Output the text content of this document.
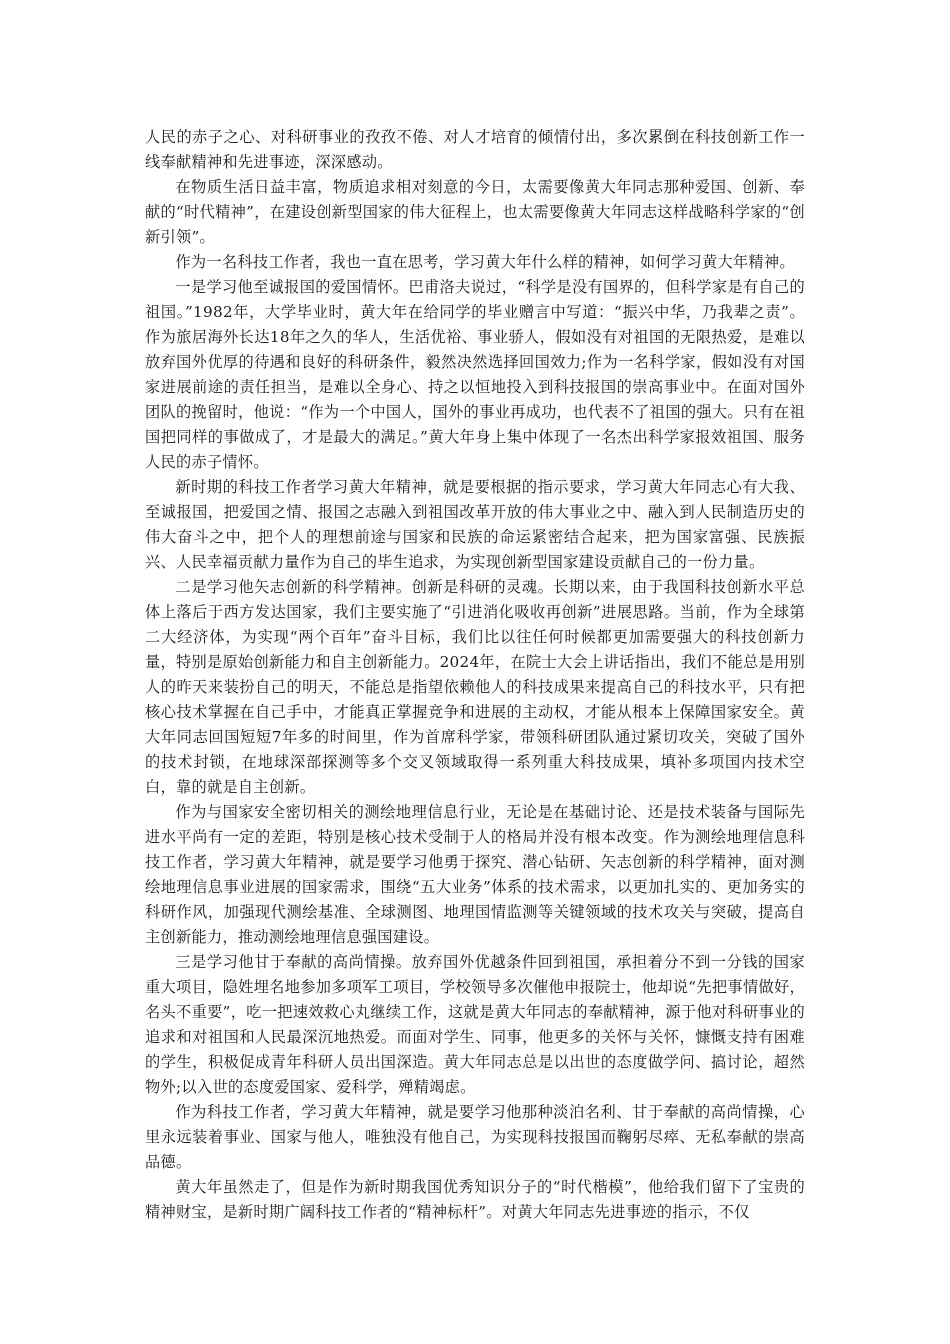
人民的赤子之心、对科研事业的孜孜不倦、对人才培育的倾情付出，多次累倒在科技创新工作一线奉献精神和先进事迹，深深感动。

在物质生活日益丰富，物质追求相对刻意的今日，太需要像黄大年同志那种爱国、创新、奉献的“时代精神”，在建设创新型国家的伟大征程上，也太需要像黄大年同志这样战略科学家的“创新引领”。

作为一名科技工作者，我也一直在思考，学习黄大年什么样的精神，如何学习黄大年精神。

一是学习他至诚报国的爱国情怀。巴甫洛夫说过，“科学是没有国界的，但科学家是有自己的祖国。”1982年，大学毕业时，黄大年在给同学的毕业赠言中写道：“振兴中华，乃我辈之责”。作为旅居海外长达18年之久的华人，生活优裕、事业骄人，假如没有对祖国的无限热爱，是难以放弃国外优厚的待遇和良好的科研条件，毅然决然选择回国效力;作为一名科学家，假如没有对国家进展前途的责任担当，是难以全身心、持之以恒地投入到科技报国的崇高事业中。在面对国外团队的挽留时，他说：“作为一个中国人，国外的事业再成功，也代表不了祖国的强大。只有在祖国把同样的事做成了，才是最大的满足。”黄大年身上集中体现了一名杰出科学家报效祖国、服务人民的赤子情怀。

新时期的科技工作者学习黄大年精神，就是要根据的指示要求，学习黄大年同志心有大我、至诚报国，把爱国之情、报国之志融入到祖国改革开放的伟大事业之中、融入到人民制造历史的伟大奋斗之中，把个人的理想前途与国家和民族的命运紧密结合起来，把为国家富强、民族振兴、人民幸福贡献力量作为自己的毕生追求，为实现创新型国家建设贡献自己的一份力量。

二是学习他矢志创新的科学精神。创新是科研的灵魂。长期以来，由于我国科技创新水平总体上落后于西方发达国家，我们主要实施了“引进消化吸收再创新”进展思路。当前，作为全球第二大经济体，为实现“两个百年”奋斗目标，我们比以往任何时候都更加需要强大的科技创新力量，特别是原始创新能力和自主创新能力。2024年，在院士大会上讲话指出，我们不能总是用别人的昨天来装扮自己的明天，不能总是指望依赖他人的科技成果来提高自己的科技水平，只有把核心技术掌握在自己手中，才能真正掌握竞争和进展的主动权，才能从根本上保障国家安全。黄大年同志回国短短7年多的时间里，作为首席科学家，带领科研团队通过紧切攻关，突破了国外的技术封锁，在地球深部探测等多个交叉领域取得一系列重大科技成果，填补多项国内技术空白，靠的就是自主创新。

作为与国家安全密切相关的测绘地理信息行业，无论是在基础讨论、还是技术装备与国际先进水平尚有一定的差距，特别是核心技术受制于人的格局并没有根本改变。作为测绘地理信息科技工作者，学习黄大年精神，就是要学习他勇于探究、潜心钻研、矢志创新的科学精神，面对测绘地理信息事业进展的国家需求，围绕“五大业务”体系的技术需求，以更加扎实的、更加务实的科研作风，加强现代测绘基准、全球测图、地理国情监测等关键领域的技术攻关与突破，提高自主创新能力，推动测绘地理信息强国建设。

三是学习他甘于奉献的高尚情操。放弃国外优越条件回到祖国，承担着分不到一分钱的国家重大项目，隐姓埋名地参加多项军工项目，学校领导多次催他申报院士，他却说“先把事情做好，名头不重要”，吃一把速效救心丸继续工作，这就是黄大年同志的奉献精神，源于他对科研事业的追求和对祖国和人民最深沉地热爱。而面对学生、同事，他更多的关怀与关怀，慷慨支持有困难的学生，积极促成青年科研人员出国深造。黄大年同志总是以出世的态度做学问、搞讨论，超然物外;以入世的态度爱国家、爱科学，殚精竭虑。

作为科技工作者，学习黄大年精神，就是要学习他那种淡泊名利、甘于奉献的高尚情操，心里永远装着事业、国家与他人，唯独没有他自己，为实现科技报国而鞠躬尽瘁、无私奉献的崇高品德。

黄大年虽然走了，但是作为新时期我国优秀知识分子的“时代楷模”，他给我们留下了宝贵的精神财宝，是新时期广阔科技工作者的“精神标杆”。对黄大年同志先进事迹的指示，不仅
